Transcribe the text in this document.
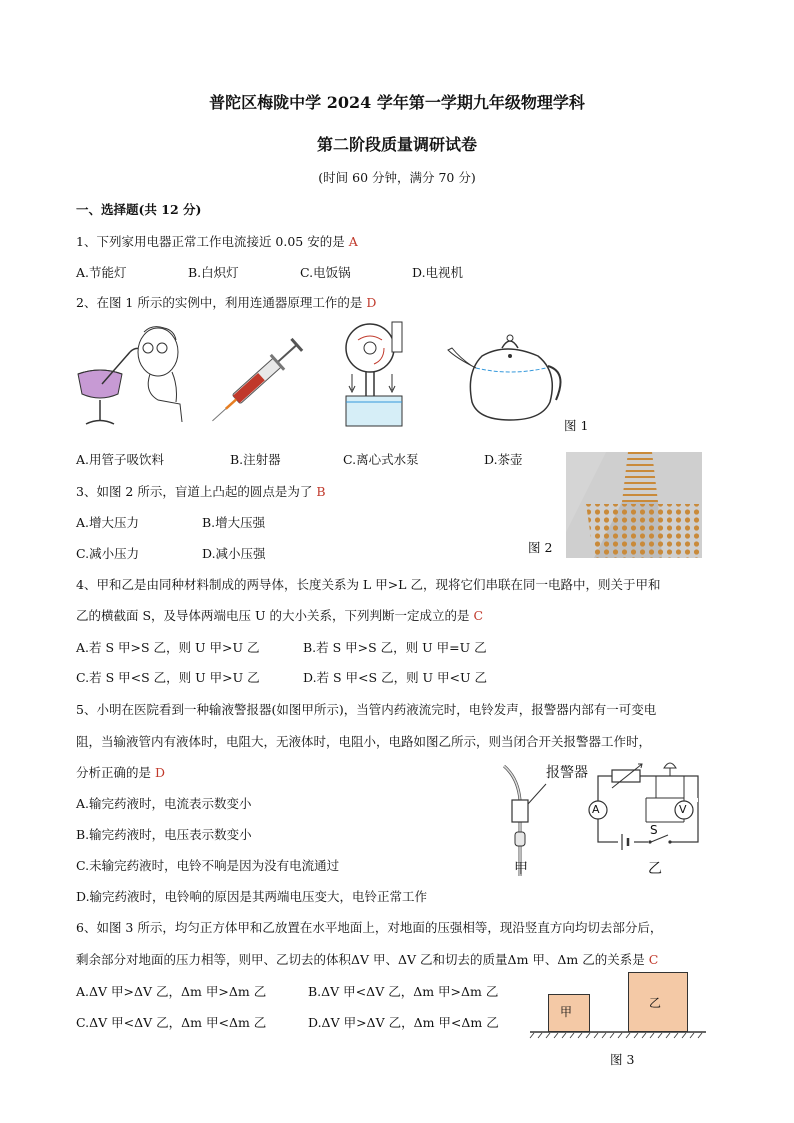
普陀区梅陇中学 2024 学年第一学期九年级物理学科
第二阶段质量调研试卷
(时间 60 分钟，满分 70 分)
一、选择题(共 12 分)
1、下列家用电器正常工作电流接近 0.05 安的是 A
A.节能灯	B.白炽灯	C.电饭锅	D.电视机
2、在图 1 所示的实例中，利用连通器原理工作的是 D
图 1
A.用管子吸饮料	B.注射器	C.离心式水泵	D.茶壶
3、如图 2 所示，盲道上凸起的圆点是为了 B
A.增大压力	B.增大压强
C.减小压力	D.减小压强	图 2
4、甲和乙是由同种材料制成的两导体，长度关系为 L 甲>L 乙，现将它们串联在同一电路中，则关于甲和
乙的横截面 S，及导体两端电压 U 的大小关系，下列判断一定成立的是 C
A.若 S 甲>S 乙，则 U 甲>U 乙	B.若 S 甲>S 乙，则 U 甲=U 乙
C.若 S 甲<S 乙，则 U 甲>U 乙	D.若 S 甲<S 乙，则 U 甲<U 乙
5、小明在医院看到一种输液警报器(如图甲所示)，当管内药液流完时，电铃发声，报警器内部有一可变电
阻，当输液管内有液体时，电阻大，无液体时，电阻小，电路如图乙所示，则当闭合开关报警器工作时，
分析正确的是 D
A.输完药液时，电流表示数变小
B.输完药液时，电压表示数变小
C.未输完药液时，电铃不响是因为没有电流通过
D.输完药液时，电铃响的原因是其两端电压变大，电铃正常工作
报警器
甲
A	V
S
乙
6、如图 3 所示，均匀正方体甲和乙放置在水平地面上，对地面的压强相等，现沿竖直方向均切去部分后，
剩余部分对地面的压力相等，则甲、乙切去的体积ΔV 甲、ΔV 乙和切去的质量Δm 甲、Δm 乙的关系是 C
A.ΔV 甲>ΔV 乙，Δm 甲>Δm 乙	B.ΔV 甲<ΔV 乙，Δm 甲>Δm 乙
C.ΔV 甲<ΔV 乙，Δm 甲<Δm 乙	D.ΔV 甲>ΔV 乙，Δm 甲<Δm 乙
甲
乙
图 3
